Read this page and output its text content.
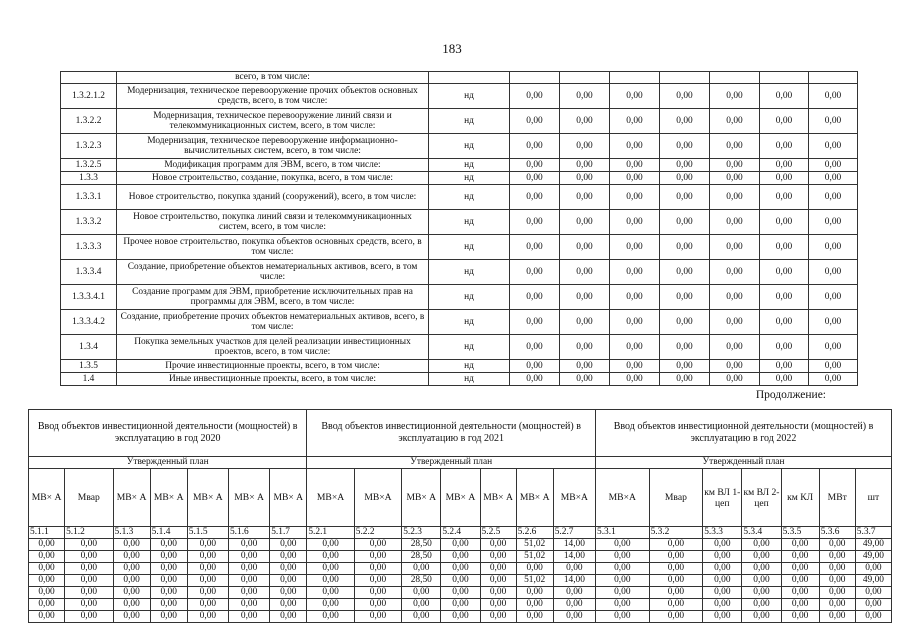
183
	всего, в том числе:								
1.3.2.1.2	Модернизация, техническое перевооружение прочих объектов основных средств, всего, в том числе:	нд	0,00	0,00	0,00	0,00	0,00	0,00	0,00
1.3.2.2	Модернизация, техническое перевооружение линий связи и телекоммуникационных систем, всего, в том числе:	нд	0,00	0,00	0,00	0,00	0,00	0,00	0,00
1.3.2.3	Модернизация, техническое перевооружение информационно-вычислительных систем, всего, в том числе:	нд	0,00	0,00	0,00	0,00	0,00	0,00	0,00
1.3.2.5	Модификация программ для ЭВМ, всего, в том числе:	нд	0,00	0,00	0,00	0,00	0,00	0,00	0,00
1.3.3	Новое строительство, создание, покупка, всего, в том числе:	нд	0,00	0,00	0,00	0,00	0,00	0,00	0,00
1.3.3.1	Новое строительство, покупка зданий (сооружений), всего, в том числе:	нд	0,00	0,00	0,00	0,00	0,00	0,00	0,00
1.3.3.2	Новое строительство, покупка линий связи и телекоммуникационных систем, всего, в том числе:	нд	0,00	0,00	0,00	0,00	0,00	0,00	0,00
1.3.3.3	Прочее новое строительство, покупка объектов основных средств, всего, в том числе:	нд	0,00	0,00	0,00	0,00	0,00	0,00	0,00
1.3.3.4	Создание, приобретение объектов нематериальных активов, всего, в том числе:	нд	0,00	0,00	0,00	0,00	0,00	0,00	0,00
1.3.3.4.1	Создание программ для ЭВМ, приобретение исключительных прав на программы для ЭВМ, всего, в том числе:	нд	0,00	0,00	0,00	0,00	0,00	0,00	0,00
1.3.3.4.2	Создание, приобретение прочих объектов нематериальных активов, всего, в том числе:	нд	0,00	0,00	0,00	0,00	0,00	0,00	0,00
1.3.4	Покупка земельных участков для целей реализации инвестиционных проектов, всего, в том числе:	нд	0,00	0,00	0,00	0,00	0,00	0,00	0,00
1.3.5	Прочие инвестиционные проекты, всего, в том числе:	нд	0,00	0,00	0,00	0,00	0,00	0,00	0,00
1.4	Иные инвестиционные проекты, всего, в том числе:	нд	0,00	0,00	0,00	0,00	0,00	0,00	0,00
Продолжение:
Ввод объектов инвестиционной деятельности (мощностей) в эксплуатацию в год 2020							Ввод объектов инвестиционной деятельности (мощностей) в эксплуатацию в год 2021							Ввод объектов инвестиционной деятельности (мощностей) в эксплуатацию в год 2022						
Утвержденный план							Утвержденный план							Утвержденный план						
МВ× А	Мвар	МВ× А	МВ× А	МВ× А	МВ× А	МВ× А	МВ×А	МВ×А	МВ× А	МВ× А	МВ× А	МВ× А	МВ×А	МВ×А	Мвар	км ВЛ 1- цеп	км ВЛ 2- цеп	км КЛ	МВт	шт
5.1.1	5.1.2	5.1.3	5.1.4	5.1.5	5.1.6	5.1.7	5.2.1	5.2.2	5.2.3	5.2.4	5.2.5	5.2.6	5.2.7	5.3.1	5.3.2	5.3.3	5.3.4	5.3.5	5.3.6	5.3.7
0,00	0,00	0,00	0,00	0,00	0,00	0,00	0,00	0,00	28,50	0,00	0,00	51,02	14,00	0,00	0,00	0,00	0,00	0,00	0,00	49,00
0,00	0,00	0,00	0,00	0,00	0,00	0,00	0,00	0,00	28,50	0,00	0,00	51,02	14,00	0,00	0,00	0,00	0,00	0,00	0,00	49,00
0,00	0,00	0,00	0,00	0,00	0,00	0,00	0,00	0,00	0,00	0,00	0,00	0,00	0,00	0,00	0,00	0,00	0,00	0,00	0,00	0,00
0,00	0,00	0,00	0,00	0,00	0,00	0,00	0,00	0,00	28,50	0,00	0,00	51,02	14,00	0,00	0,00	0,00	0,00	0,00	0,00	49,00
0,00	0,00	0,00	0,00	0,00	0,00	0,00	0,00	0,00	0,00	0,00	0,00	0,00	0,00	0,00	0,00	0,00	0,00	0,00	0,00	0,00
0,00	0,00	0,00	0,00	0,00	0,00	0,00	0,00	0,00	0,00	0,00	0,00	0,00	0,00	0,00	0,00	0,00	0,00	0,00	0,00	0,00
0,00	0,00	0,00	0,00	0,00	0,00	0,00	0,00	0,00	0,00	0,00	0,00	0,00	0,00	0,00	0,00	0,00	0,00	0,00	0,00	0,00
